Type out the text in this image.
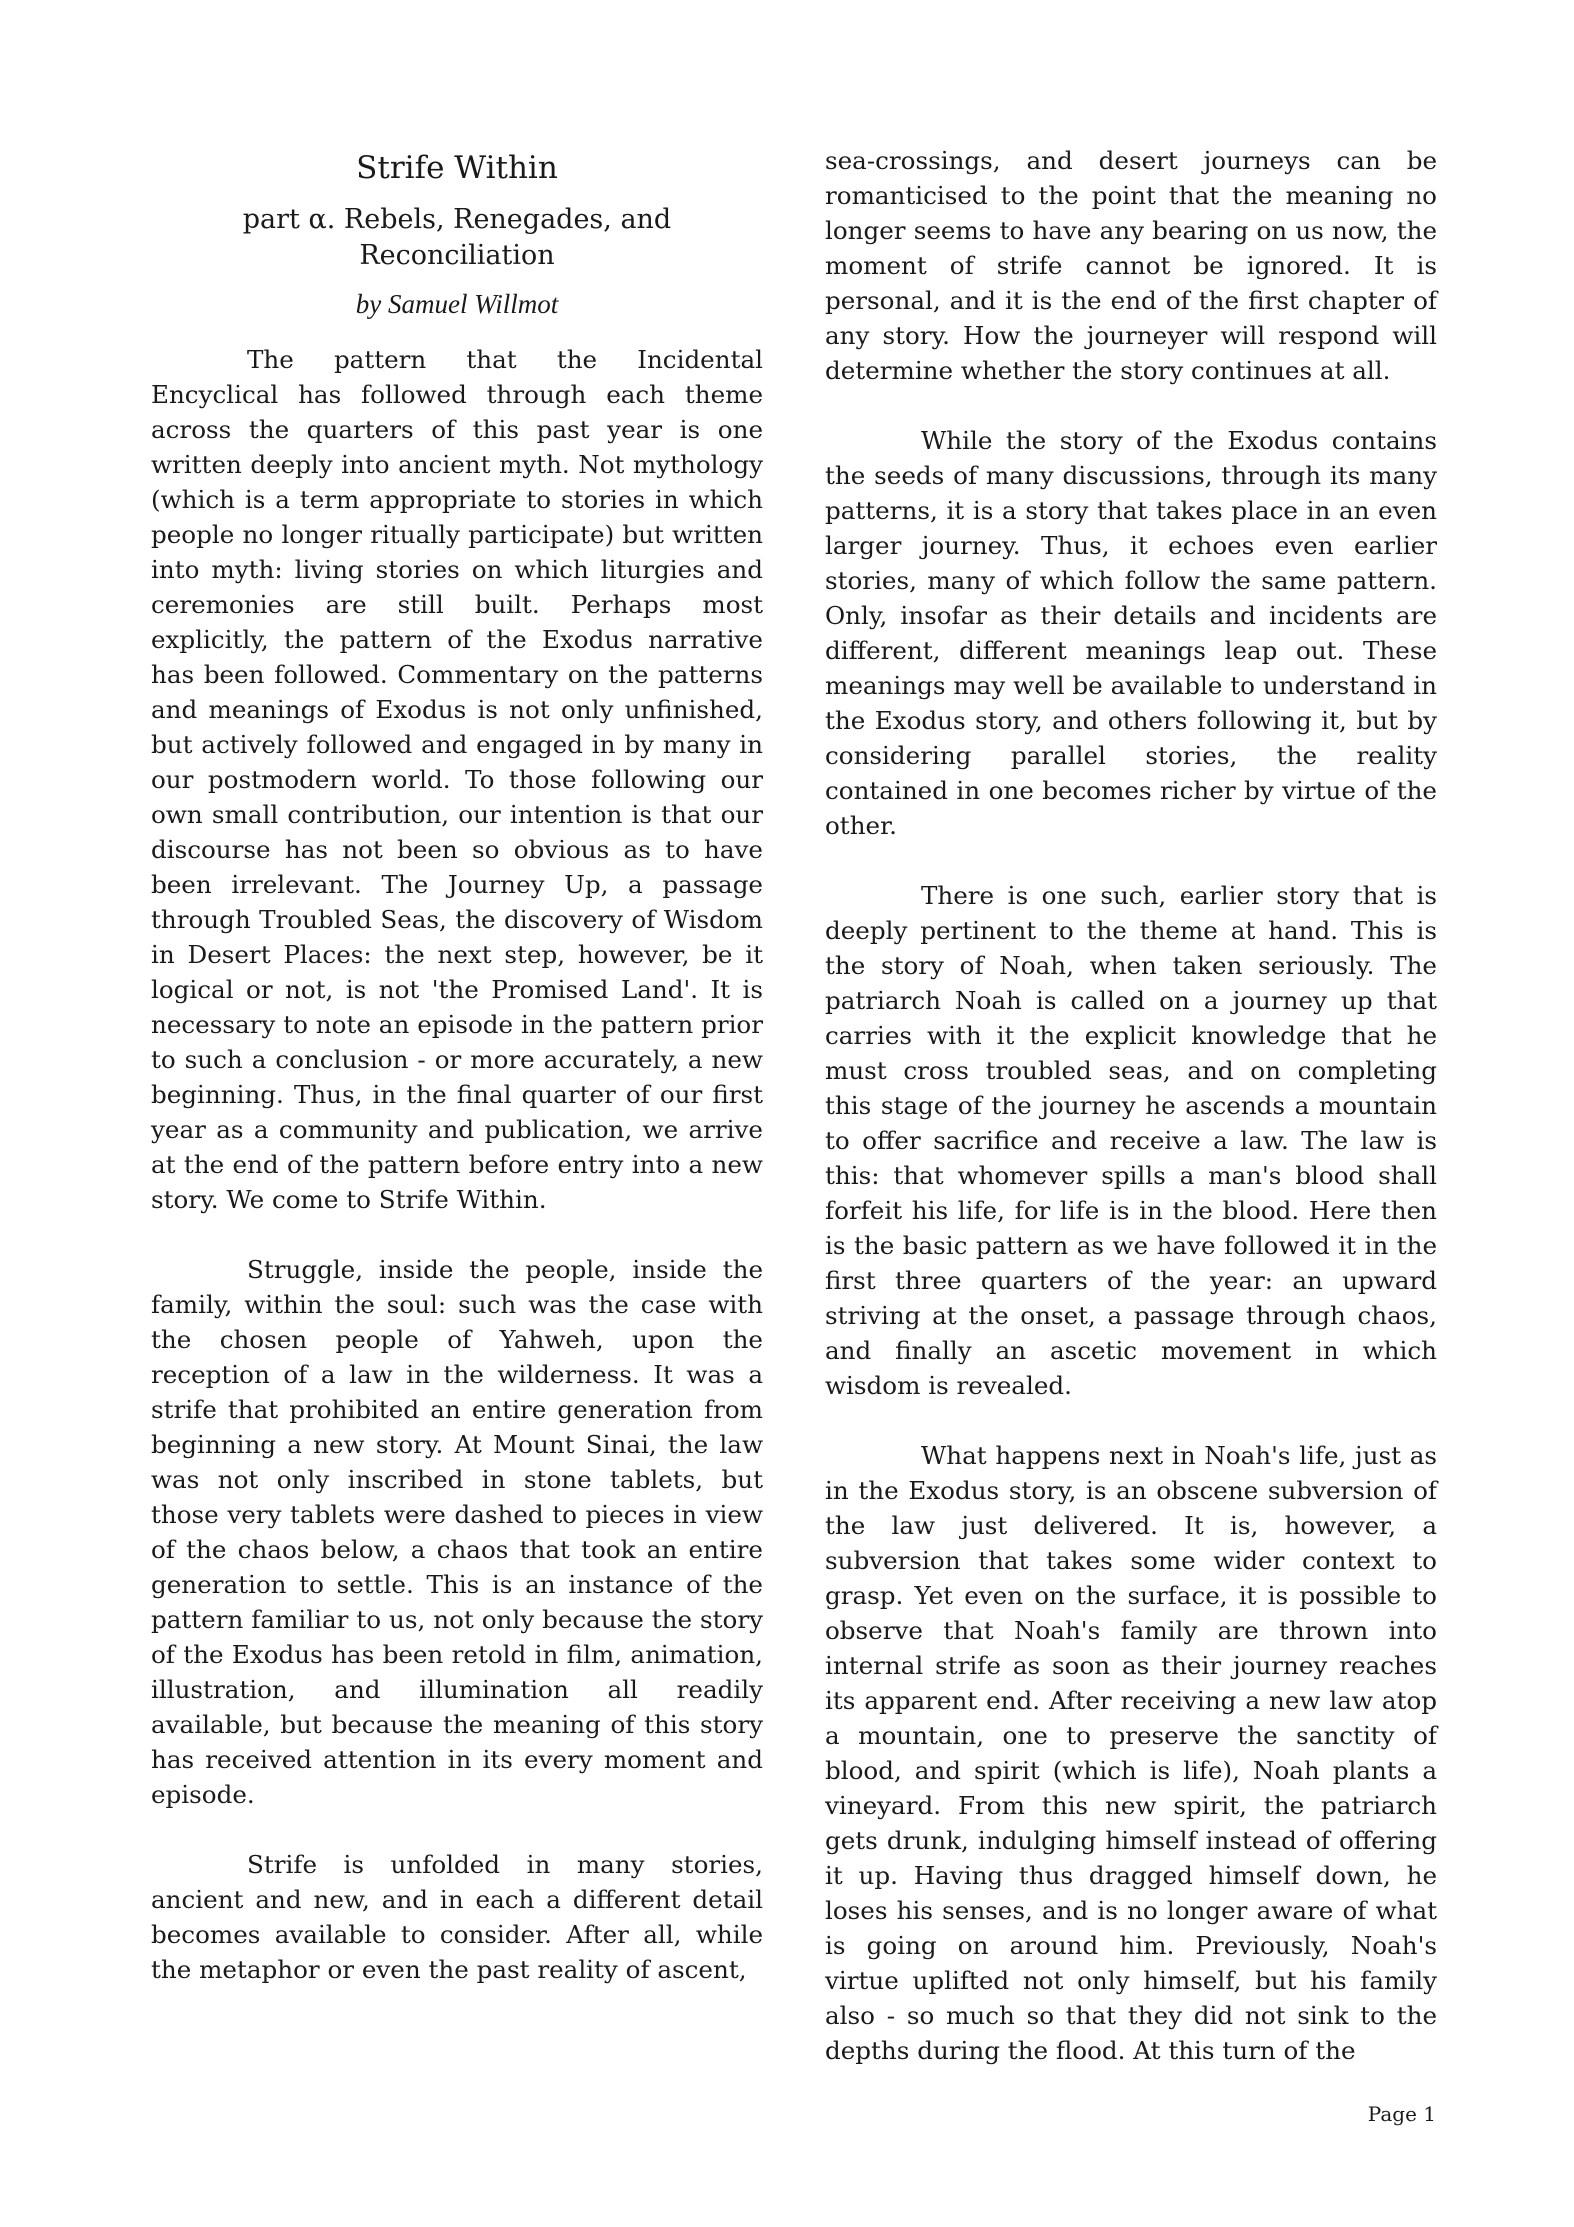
Strife Within
part α. Rebels, Renegades, and Reconciliation
by Samuel Willmot

The pattern that the Incidental Encyclical has followed through each theme across the quarters of this past year is one written deeply into ancient myth. Not mythology (which is a term appropriate to stories in which people no longer ritually participate) but written into myth: living stories on which liturgies and ceremonies are still built. Perhaps most explicitly, the pattern of the Exodus narrative has been followed. Commentary on the patterns and meanings of Exodus is not only unfinished, but actively followed and engaged in by many in our postmodern world. To those following our own small contribution, our intention is that our discourse has not been so obvious as to have been irrelevant. The Journey Up, a passage through Troubled Seas, the discovery of Wisdom in Desert Places: the next step, however, be it logical or not, is not 'the Promised Land'. It is necessary to note an episode in the pattern prior to such a conclusion - or more accurately, a new beginning. Thus, in the final quarter of our first year as a community and publication, we arrive at the end of the pattern before entry into a new story. We come to Strife Within.

Struggle, inside the people, inside the family, within the soul: such was the case with the chosen people of Yahweh, upon the reception of a law in the wilderness. It was a strife that prohibited an entire generation from beginning a new story. At Mount Sinai, the law was not only inscribed in stone tablets, but those very tablets were dashed to pieces in view of the chaos below, a chaos that took an entire generation to settle. This is an instance of the pattern familiar to us, not only because the story of the Exodus has been retold in film, animation, illustration, and illumination all readily available, but because the meaning of this story has received attention in its every moment and episode.

Strife is unfolded in many stories, ancient and new, and in each a different detail becomes available to consider. After all, while the metaphor or even the past reality of ascent,

sea-crossings, and desert journeys can be romanticised to the point that the meaning no longer seems to have any bearing on us now, the moment of strife cannot be ignored. It is personal, and it is the end of the first chapter of any story. How the journeyer will respond will determine whether the story continues at all.

While the story of the Exodus contains the seeds of many discussions, through its many patterns, it is a story that takes place in an even larger journey. Thus, it echoes even earlier stories, many of which follow the same pattern. Only, insofar as their details and incidents are different, different meanings leap out. These meanings may well be available to understand in the Exodus story, and others following it, but by considering parallel stories, the reality contained in one becomes richer by virtue of the other.

There is one such, earlier story that is deeply pertinent to the theme at hand. This is the story of Noah, when taken seriously. The patriarch Noah is called on a journey up that carries with it the explicit knowledge that he must cross troubled seas, and on completing this stage of the journey he ascends a mountain to offer sacrifice and receive a law. The law is this: that whomever spills a man's blood shall forfeit his life, for life is in the blood. Here then is the basic pattern as we have followed it in the first three quarters of the year: an upward striving at the onset, a passage through chaos, and finally an ascetic movement in which wisdom is revealed.

What happens next in Noah's life, just as in the Exodus story, is an obscene subversion of the law just delivered. It is, however, a subversion that takes some wider context to grasp. Yet even on the surface, it is possible to observe that Noah's family are thrown into internal strife as soon as their journey reaches its apparent end. After receiving a new law atop a mountain, one to preserve the sanctity of blood, and spirit (which is life), Noah plants a vineyard. From this new spirit, the patriarch gets drunk, indulging himself instead of offering it up. Having thus dragged himself down, he loses his senses, and is no longer aware of what is going on around him. Previously, Noah's virtue uplifted not only himself, but his family also - so much so that they did not sink to the depths during the flood. At this turn of the

Page 1
